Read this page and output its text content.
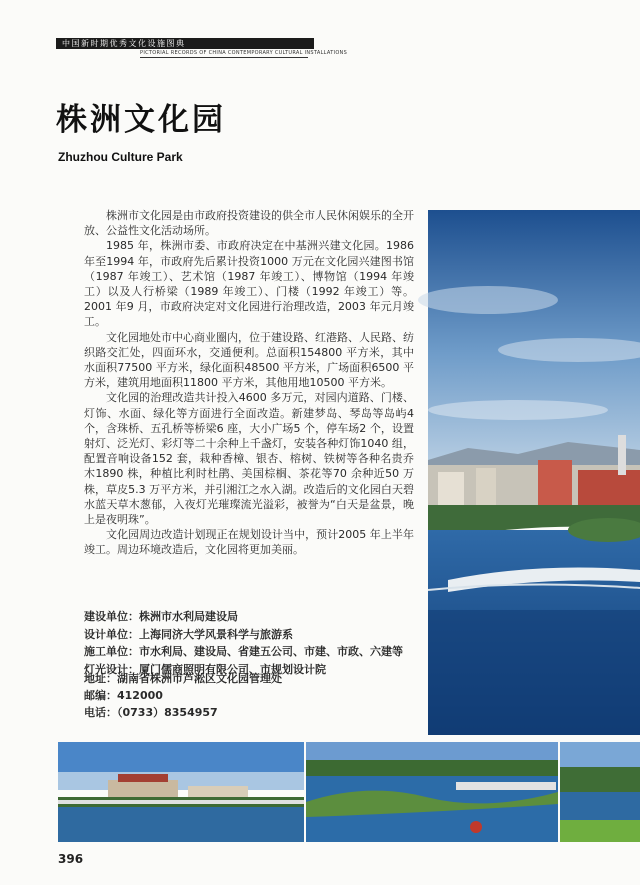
中国新时期优秀文化设施图典
PICTORIAL RECORDS OF CHINA CONTEMPORARY CULTURAL INSTALLATIONS
株洲文化园
Zhuzhou Culture Park

株洲市文化园是由市政府投资建设的供全市人民休闲娱乐的全开放、公益性文化活动场所。

1985 年，株洲市委、市政府决定在中基洲兴建文化园。1986 年至1994 年，市政府先后累计投资1000 万元在文化园兴建图书馆（1987 年竣工）、艺术馆（1987 年竣工）、博物馆（1994 年竣工）以及人行桥梁（1989 年竣工）、门楼（1992 年竣工）等。2001 年9 月，市政府决定对文化园进行治理改造，2003 年元月竣工。

文化园地处市中心商业圈内，位于建设路、红港路、人民路、纺织路交汇处，四面环水，交通便利。总面积154800 平方米，其中水面积77500 平方米，绿化面积48500 平方米，广场面积6500 平方米，建筑用地面积11800 平方米，其他用地10500 平方米。

文化园的治理改造共计投入4600 多万元，对园内道路、门楼、灯饰、水面、绿化等方面进行全面改造。新建梦岛、琴岛等岛屿4 个，含珠桥、五孔桥等桥梁6 座，大小广场5 个，停车场2 个，设置射灯、泛光灯、彩灯等二十余种上千盏灯，安装各种灯饰1040 组，配置音响设备152 套，栽种香樟、银杏、榕树、铁树等各种名贵乔木1890 株，种植比利时杜鹃、美国棕榈、茶花等70 余种近50 万株，草皮5.3 万平方米，并引湘江之水入湖。改造后的文化园白天碧水蓝天草木葱郁，入夜灯光璀璨流光溢彩，被誉为“白天是盆景，晚上是夜明珠”。

文化园周边改造计划现正在规划设计当中，预计2005 年上半年竣工。周边环境改造后，文化园将更加美丽。

建设单位：株洲市水利局建设局
设计单位：上海同济大学风景科学与旅游系
施工单位：市水利局、建设局、省建五公司、市建、市政、六建等
灯光设计：厦门儒商照明有限公司、市规划设计院
地址：湖南省株洲市芦淞区文化园管理处
邮编：412000
电话：（0733）8354957
396
